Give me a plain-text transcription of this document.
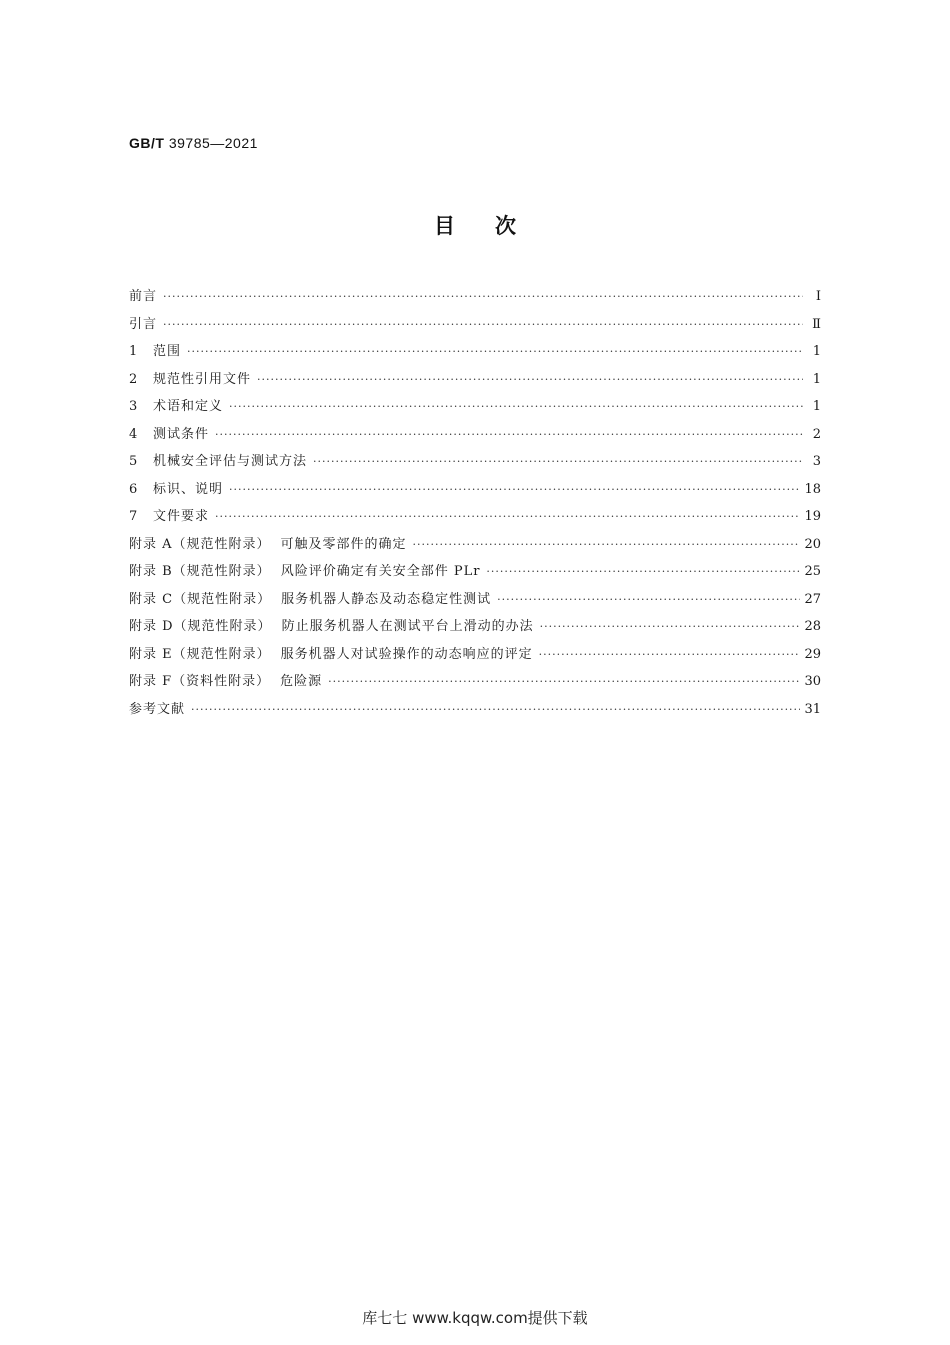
GB/T 39785—2021
目次
前言 ·····	Ⅰ
引言 ·····	Ⅱ
1	范围 ·····	1
2	规范性引用文件 ·····	1
3	术语和定义 ·····	1
4	测试条件 ·····	2
5	机械安全评估与测试方法 ·····	3
6	标识、说明 ·····	18
7	文件要求 ·····	19
附录 A（规范性附录） 可触及零部件的确定 ·····	20
附录 B（规范性附录） 风险评价确定有关安全部件 PLr ·····	25
附录 C（规范性附录） 服务机器人静态及动态稳定性测试 ·····	27
附录 D（规范性附录） 防止服务机器人在测试平台上滑动的办法 ·····	28
附录 E（规范性附录） 服务机器人对试验操作的动态响应的评定 ·····	29
附录 F（资料性附录） 危险源 ·····	30
参考文献 ·····	31
库七七 www.kqqw.com提供下载
